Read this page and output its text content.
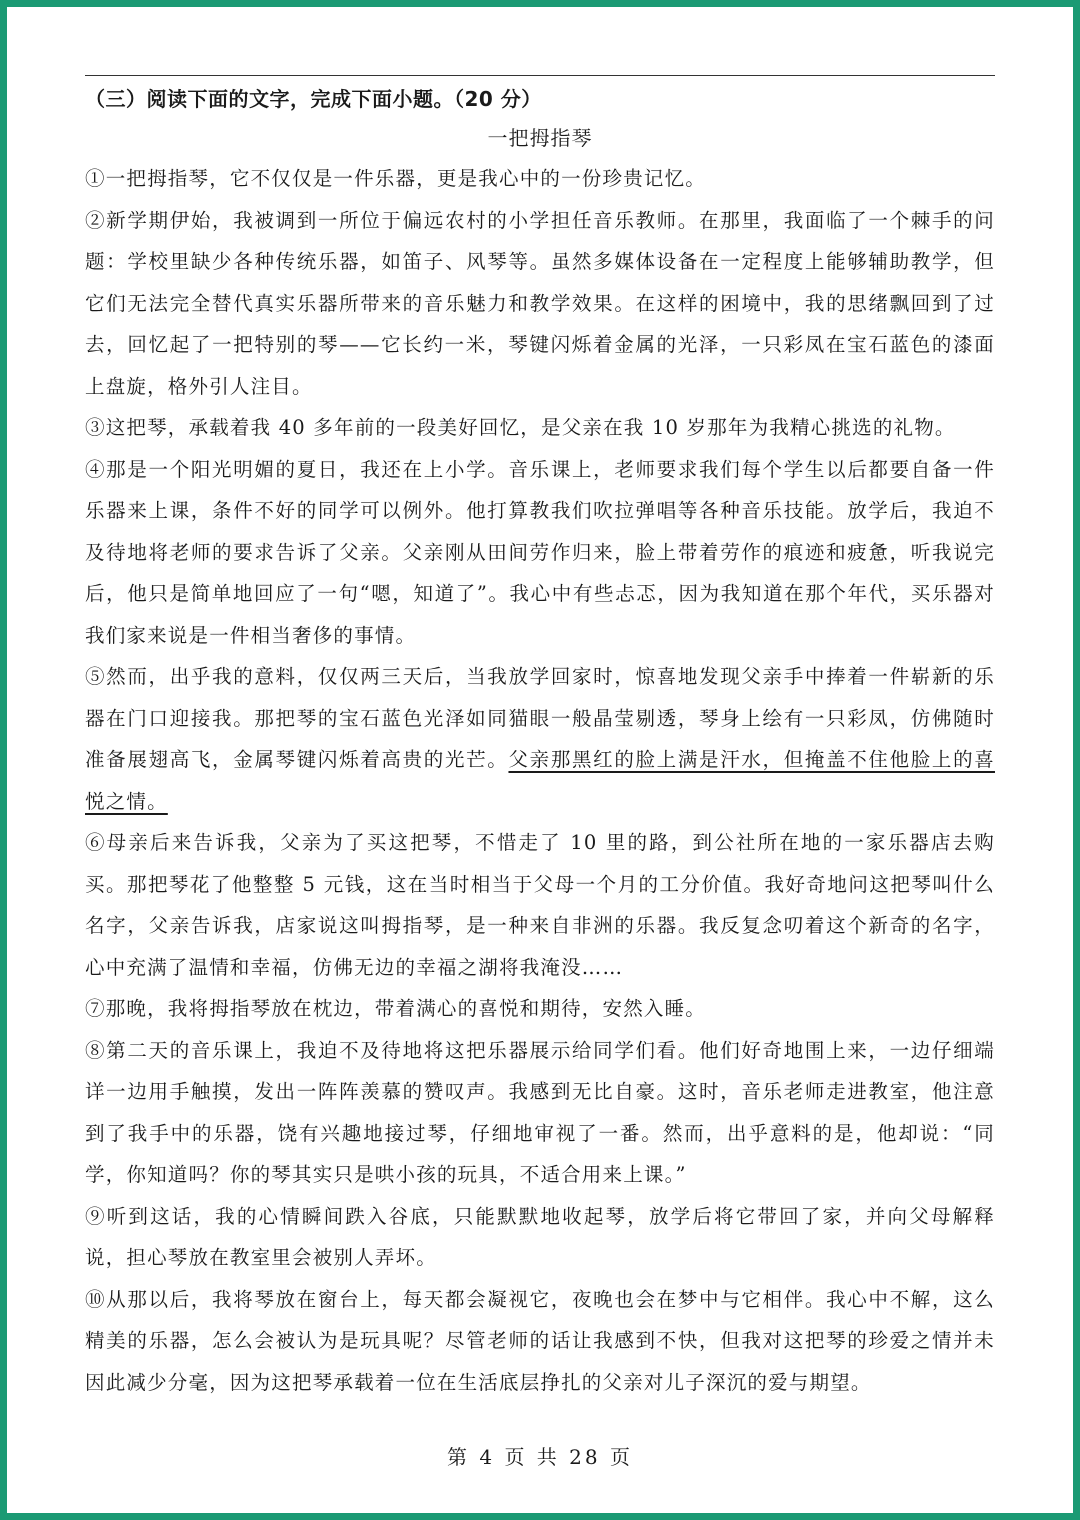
（三）阅读下面的文字，完成下面小题。（20 分）

一把拇指琴

①一把拇指琴，它不仅仅是一件乐器，更是我心中的一份珍贵记忆。

②新学期伊始，我被调到一所位于偏远农村的小学担任音乐教师。在那里，我面临了一个棘手的问题：学校里缺少各种传统乐器，如笛子、风琴等。虽然多媒体设备在一定程度上能够辅助教学，但它们无法完全替代真实乐器所带来的音乐魅力和教学效果。在这样的困境中，我的思绪飘回到了过去，回忆起了一把特别的琴——它长约一米，琴键闪烁着金属的光泽，一只彩凤在宝石蓝色的漆面上盘旋，格外引人注目。

③这把琴，承载着我 40 多年前的一段美好回忆，是父亲在我 10 岁那年为我精心挑选的礼物。

④那是一个阳光明媚的夏日，我还在上小学。音乐课上，老师要求我们每个学生以后都要自备一件乐器来上课，条件不好的同学可以例外。他打算教我们吹拉弹唱等各种音乐技能。放学后，我迫不及待地将老师的要求告诉了父亲。父亲刚从田间劳作归来，脸上带着劳作的痕迹和疲惫，听我说完后，他只是简单地回应了一句“嗯，知道了”。我心中有些忐忑，因为我知道在那个年代，买乐器对我们家来说是一件相当奢侈的事情。

⑤然而，出乎我的意料，仅仅两三天后，当我放学回家时，惊喜地发现父亲手中捧着一件崭新的乐器在门口迎接我。那把琴的宝石蓝色光泽如同猫眼一般晶莹剔透，琴身上绘有一只彩凤，仿佛随时准备展翅高飞，金属琴键闪烁着高贵的光芒。父亲那黑红的脸上满是汗水，但掩盖不住他脸上的喜悦之情。

⑥母亲后来告诉我，父亲为了买这把琴，不惜走了 10 里的路，到公社所在地的一家乐器店去购买。那把琴花了他整整 5 元钱，这在当时相当于父母一个月的工分价值。我好奇地问这把琴叫什么名字，父亲告诉我，店家说这叫拇指琴，是一种来自非洲的乐器。我反复念叨着这个新奇的名字，心中充满了温情和幸福，仿佛无边的幸福之湖将我淹没……

⑦那晚，我将拇指琴放在枕边，带着满心的喜悦和期待，安然入睡。

⑧第二天的音乐课上，我迫不及待地将这把乐器展示给同学们看。他们好奇地围上来，一边仔细端详一边用手触摸，发出一阵阵羡慕的赞叹声。我感到无比自豪。这时，音乐老师走进教室，他注意到了我手中的乐器，饶有兴趣地接过琴，仔细地审视了一番。然而，出乎意料的是，他却说：“同学，你知道吗？你的琴其实只是哄小孩的玩具，不适合用来上课。”

⑨听到这话，我的心情瞬间跌入谷底，只能默默地收起琴，放学后将它带回了家，并向父母解释说，担心琴放在教室里会被别人弄坏。

⑩从那以后，我将琴放在窗台上，每天都会凝视它，夜晚也会在梦中与它相伴。我心中不解，这么精美的乐器，怎么会被认为是玩具呢？尽管老师的话让我感到不快，但我对这把琴的珍爱之情并未因此减少分毫，因为这把琴承载着一位在生活底层挣扎的父亲对儿子深沉的爱与期望。

第 4 页 共 28 页
